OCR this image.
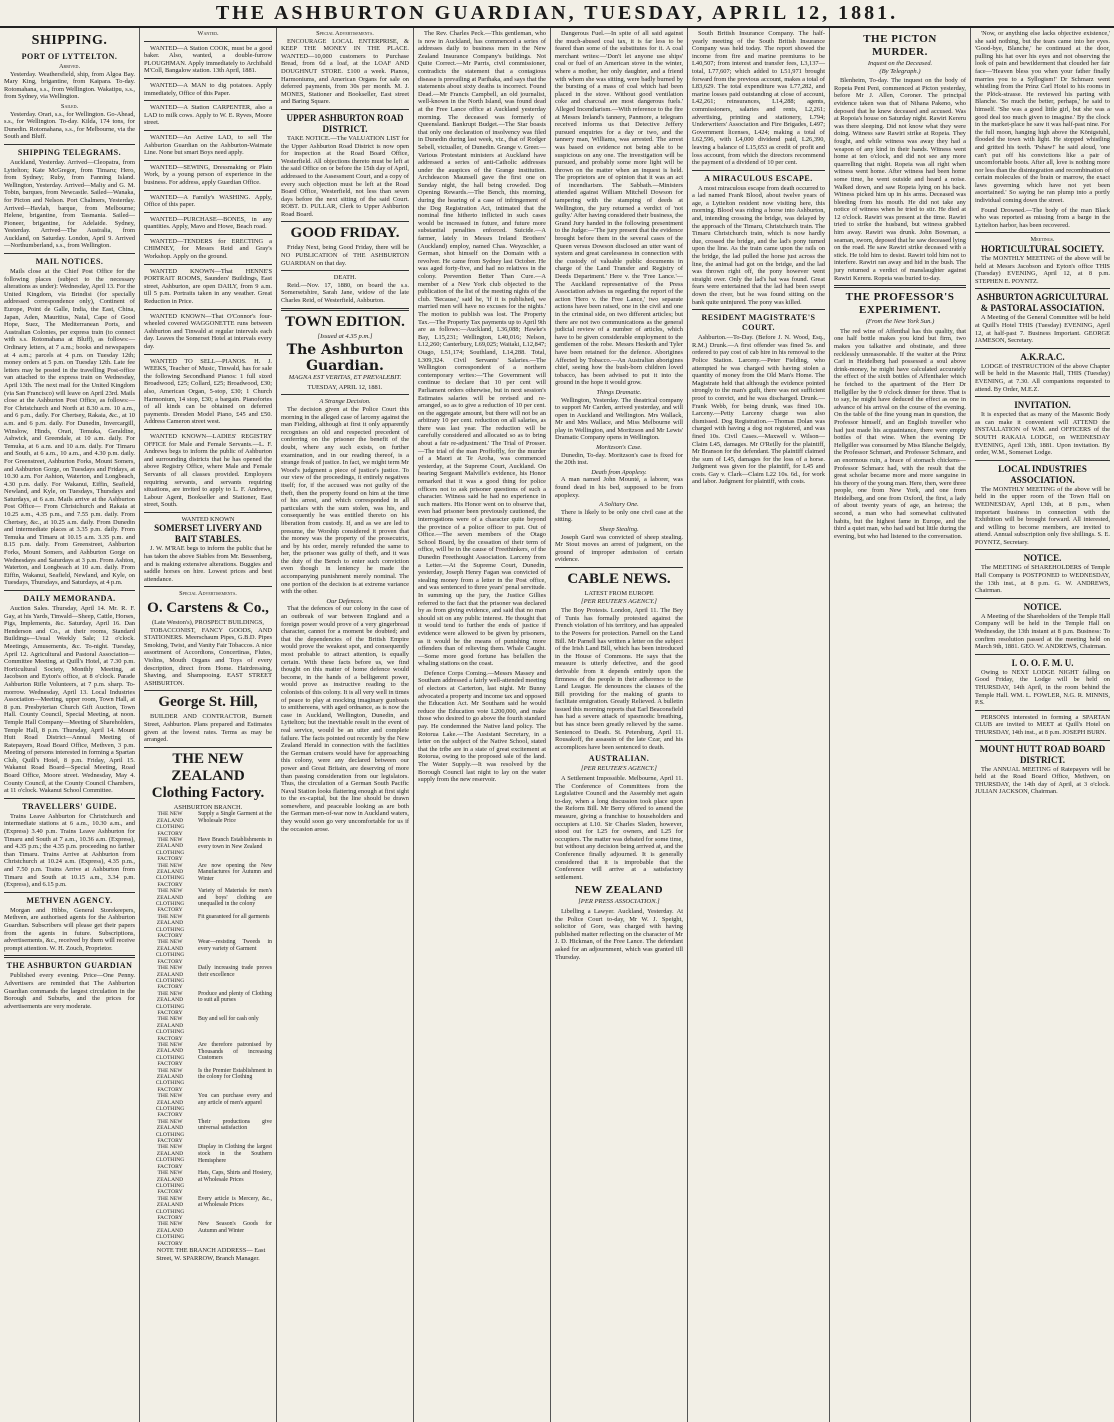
THE ASHBURTON GUARDIAN, TUESDAY, APRIL 12, 1881.
SHIPPING.
PORT OF LYTTELTON.
Arrived.

Yesterday. Weathersfield, ship, from Algoa Bay. Mary King, brigantine, from Kaipara. To-day. Rotomahana, s.s., from Wellington. Wakatipu, s.s., from Sydney, via Wellington.

Sailed.

Yesterday. Orari, s.s., for Wellington. Go-Ahead, s.s., for Wellington. To-day. Kilda, 174 tons, for Dunedin. Rotomahana, s.s., for Melbourne, via the South and Bluff.

SHIPPING TELEGRAMS.

Auckland, Yesterday. Arrived—Cleopatra, from Lyttelton; Kate McGregor, from Timaru; Hero, from Sydney; Ruby, from Fanning Island. Wellington, Yesterday. Arrived—Maliy and G. M. Tobin, barques, from Newcastle. Sailed—Wanaka, for Picton and Nelson. Port Chalmers, Yesterday. Arrived—Havlah, barque, from Melbourne; Helene, brigantine, from Tasmania. Sailed—Pioneer, brigantine, for Adelaide. Sydney, Yesterday. Arrived—The Australia, from Auckland, on Saturday. London, April 9. Arrived—Northumberland, s.s., from Wellington.

MAIL NOTICES.

Mails close at the Chief Post Office for the following places (subject to the necessary alterations as under): Wednesday, April 13. For the United Kingdom, via Brindisi (for specially addressed correspondence only), Continent of Europe, Point de Galle, India, the East, China, Japan, Aden, Mauritius, Natal, Cape of Good Hope, Suez, The Mediterranean Ports, and Australian Colonies, per express train (to connect with s.s. Rotomahana at Bluff), as follows:—Ordinary letters, at 7 a.m.; books and newspapers at 4 a.m.; parcels at 4 p.m. on Tuesday 12th; money orders at 5 p.m. on Tuesday 12th. Late fee letters may be posted in the travelling Post-office van attached to the express train on Wednesday, April 13th. The next mail for the United Kingdom (via San Francisco) will leave on April 23rd. Mails close at the Ashburton Post Office, as follows:— For Christchurch and North at 8.30 a.m. 10 a.m., and 6 p.m., daily. For Chertsey, Rakaia, &c., at 10 a.m. and 6 p.m. daily. For Dunedin, Invercargill, Winslow, Hinds, Orari, Temuka, Geraldine, Ashwick, and Greendale, at 10 a.m. daily. For Temuka, at 6 a.m. and 10 a.m. daily. For Timaru and South, at 6 a.m., 10 a.m., and 4.30 p.m. daily. For Greenstreet, Ashburton Forks, Mount Somers, and Ashburton Gorge, on Tuesdays and Fridays, at 10.30 a.m. For Ashton, Waterton, and Longbeach, 4.30 p.m. daily. For Wakanui, Eiffin, Seafield, Newland, and Kyle, on Tuesdays, Thursdays and Saturdays, at 6 a.m. Mails arrive at the Ashburton Post Office— From Christchurch and Rakaia at 10.25 a.m., 4.35 p.m., and 7.55 p.m. daily. From Chertsey, &c., at 10.25 a.m. daily. From Dunedin and intermediate places at 3.35 p.m. daily. From Temuka and Timaru at 10.15 a.m. 3.35 p.m. and 8.15 p.m. daily. From Greenstreet, Ashburton Forks, Mount Somers, and Ashburton Gorge on Wednesdays and Saturdays at 3 p.m. From Ashton, Waterton, and Longbeach at 10 a.m. daily. From Eiffin, Wakanui, Seafield, Newland, and Kyle, on Tuesdays, Thursdays, and Saturdays, at 4 p.m.

DAILY MEMORANDA.

Auction Sales. Thursday, April 14. Mr. R. F. Gay, at his Yards, Tinwald—Sheep, Cattle, Horses, Pigs, Implements, &c. Saturday, April 16. Dan Henderson and Co., at their rooms, Standard Buildings—Usual Weekly Sale; 12 o'clock. Meetings, Amusements, &c. To-night. Tuesday, April 12. Agricultural and Pastoral Association—Committee Meeting, at Quill's Hotel, at 7.30 p.m. Horticultural Society, Monthly Meeting, at Jacobson and Eyton's office, at 8 o'clock. Parade Ashburton Rifle Volunteers, at 7 p.m. sharp. To-morrow. Wednesday, April 13. Local Industries Association—Meeting, upper room, Town Hall, at 8 p.m. Presbyterian Church Gift Auction, Town Hall. County Council, Special Meeting, at noon. Temple Hall Company—Meeting of Shareholders, Temple Hall, 8 p.m. Thursday, April 14. Mount Hutt Road District—Annual Meeting of Ratepayers, Road Board Office, Methven, 3 p.m. Meeting of persons interested in forming a Spartan Club, Quill's Hotel, 8 p.m. Friday, April 15. Wakanui Road Board—Special Meeting, Road Board Office, Moore street. Wednesday, May 4. County Council, at the County Council Chambers, at 11 o'clock. Wakanui School Committee.

TRAVELLERS' GUIDE.

Trains Leave Ashburton for Christchurch and intermediate stations at 6 a.m., 10.30 a.m., and (Express) 3.40 p.m. Trains Leave Ashburton for Timaru and South at 7 a.m., 10.36 a.m. (Express), and 4.35 p.m.; the 4.35 p.m. proceeding no farther than Timaru. Trains Arrive at Ashburton from Christchurch at 10.24 a.m. (Express), 4.35 p.m., and 7.50 p.m. Trains Arrive at Ashburton from Timaru and South at 10.15 a.m., 3.34 p.m. (Express), and 6.15 p.m.

METHVEN AGENCY.

Morgan and Hibbs, General Storekeepers, Methven, are authorised agents for the Ashburton Guardian. Subscribers will please get their papers from the agents in future. Subscriptions, advertisements, &c., received by them will receive prompt attention. W. H. Zouch, Proprietor.

THE ASHBURTON GUARDIAN

Published every evening. Price—One Penny. Advertisers are reminded that The Ashburton Guardian commands the largest circulation in the Borough and Suburbs, and the prices for advertisements are very moderate.

Wanted.

WANTED—A Station COOK, must be a good baker. Also, wanted, a double-furrow PLOUGHMAN. Apply immediately to Archibald M'Coll, Bangalow station. 13th April, 1881.

WANTED—A MAN to dig potatoes. Apply immediately, Office of this Paper.

WANTED—A Station CARPENTER, also a LAD to milk cows. Apply to W. E. Ryves, Moore street.

WANTED—An Active LAD, to sell The Ashburton Guardian on the Ashburton-Waimate Line. None but smart Boys need apply.

WANTED—SEWING, Dressmaking or Plain Work, by a young person of experience in the business. For address, apply Guardian Office.

WANTED—A Family's WASHING. Apply, Office of this paper.

WANTED—PURCHASE—BONES, in any quantities. Apply, Mavo and Howe, Beach road.

WANTED—TENDERS for ERECTING a CHIMNEY, for Messrs Reid and Gray's Workshop. Apply on the ground.

WANTED KNOWN—That HENNE'S PORTRAIT ROOMS, Saunders' Buildings, East street, Ashburton, are open DAILY, from 9 a.m. till 5 p.m. Portraits taken in any weather. Great Reduction in Price.

WANTED KNOWN—That O'Connor's four-wheeled covered WAGGONETTE runs between Ashburton and Tinwald at regular intervals each day. Leaves the Somerset Hotel at intervals every day.

WANTED TO SELL—PIANOS. H. J. WEEKS, Teacher of Music, Tinwald, has for sale the following Secondhand Pianos: 1 full sized Broadwood, £25; Collard, £25; Broadwood, £30; also, American Organ, 5-stop, £30; 1 Church Harmonium, 14 stop, £30; a bargain. Pianofortes of all kinds can be obtained on deferred payments. Dresden Model Piano, £45 and £50. Address Cameron street west.

WANTED KNOWN—LADIES' REGISTRY OFFICE for Male and Female Servants.—L. F. Andrews begs to inform the public of Ashburton and surrounding districts that he has opened the above Registry Office, where Male and Female Servants of all classes provided. Employers requiring servants, and servants requiring situations, are invited to apply to L. F. Andrews, Labour Agent, Bookseller and Stationer, East street, South.

WANTED KNOWN
SOMERSET LIVERY AND BAIT STABLES.

J. W. M'RAE begs to inform the public that he has taken the above Stables from Mr. Bessenberg, and is making extensive alterations. Buggies and saddle horses on hire. Lowest prices and best attendance.

Special Advertisements.
O. Carstens & Co.,
(Late Weston's), PROSPECT BUILDINGS,

TOBACCONIST, FANCY GOODS, AND STATIONERS. Meerschaum Pipes, G.B.D. Pipes Smoking, Twist, and Vanity Fair Tobaccos. A nice assortment of Accordions, Concertinas, Flutes, Violins, Mouth Organs and Toys of every description, direct from Home. Hairdressing, Shaving, and Shampooing. EAST STREET ASHBURTON.

George St. Hill,

BUILDER AND CONTRACTOR, Burnett Street, Ashburton. Plans prepared and Estimates given at the lowest rates. Terms as may be arranged.

THE NEW ZEALAND Clothing Factory.
ASHBURTON BRANCH.
THE NEW ZEALAND CLOTHING FACTORY
Supply a Single Garment at the Wholesale Price
THE NEW ZEALAND CLOTHING FACTORY
Have Branch Establishments in every town in New Zealand
THE NEW ZEALAND CLOTHING FACTORY
Are now opening the New Manufactures for Autumn and Winter
THE NEW ZEALAND CLOTHING FACTORY
Variety of Materials for men's and boys' clothing are unequalled in the colony
THE NEW ZEALAND CLOTHING FACTORY
Fit guaranteed for all garments
THE NEW ZEALAND CLOTHING FACTORY
Wear—resisting Tweeds in every variety of Garment
THE NEW ZEALAND CLOTHING FACTORY
Daily increasing trade proves their excellence
THE NEW ZEALAND CLOTHING FACTORY
Produce and plenty of Clothing to suit all purses
THE NEW ZEALAND CLOTHING FACTORY
Buy and sell for cash only
THE NEW ZEALAND CLOTHING FACTORY
Are therefore patronised by Thousands of increasing Customers
THE NEW ZEALAND CLOTHING FACTORY
Is the Premier Establishment in the colony for Clothing
THE NEW ZEALAND CLOTHING FACTORY
You can purchase every and any article of men's apparel
THE NEW ZEALAND CLOTHING FACTORY
Their productions give universal satisfaction
THE NEW ZEALAND CLOTHING FACTORY
Display in Clothing the largest stock in the Southern Hemisphere
THE NEW ZEALAND CLOTHING FACTORY
Hats, Caps, Shirts and Hosiery, at Wholesale Prices
THE NEW ZEALAND CLOTHING FACTORY
Every article is Mercery, &c., at Wholesale Prices
THE NEW ZEALAND CLOTHING FACTORY
New Season's Goods for Autumn and Winter

NOTE THE BRANCH ADDRESS— East Street, W. SPARROW, Branch Manager.

Special Advertisements.

ENCOURAGE LOCAL ENTERPRISE, & KEEP THE MONEY IN THE PLACE. WANTED—10,000 customers to Purchase Bread, from 6d a loaf, at the LOAF AND DOUGHNUT STORE. £100 a week. Pianos, Harmoniums, and American Organs for sale on deferred payments, from 30s per month. M. J. MONES, Stationer and Bookseller, East street and Baring Square.

UPPER ASHBURTON ROAD DISTRICT.

TAKE NOTICE.—The VALUATION LIST for the Upper Ashburton Road District is now open for inspection at the Road Board Office, Westerfield. All objections thereto must be left at the said Office on or before the 15th day of April, addressed to the Assessment Court, and a copy of every such objection must be left at the Road Board Office, Westerfield, not less than seven days before the next sitting of the said Court. ROBT. D. PULLAR, Clerk to Upper Ashburton Road Board.

GOOD FRIDAY.

Friday Next, being Good Friday, there will be NO PUBLICATION of THE ASHBURTON GUARDIAN on that day.

DEATH.

Reid.—Nov. 17, 1880, on board the s.s. Somersetshire, Sarah Jane, widow of the late Charles Reid, of Westerfield, Ashburton.

TOWN EDITION.
[Issued at 4.35 p.m.]
The Ashburton Guardian.
MAGNA EST VERITAS, ET PREVALEBIT.
TUESDAY, APRIL 12, 1881.
A Strange Decision.

The decision given at the Police Court this morning in the alleged case of larceny against the man Fielding, although at first it only apparently recognises an old and respected precedent of conferring on the prisoner the benefit of the doubt, where any such exists, on further examination, and in our reading thereof, is a strange freak of justice. In fact, we might term Mr Wood's judgment a piece of justice's justice. To our view of the proceedings, it entirely negatives itself; for, if the accused was not guilty of the theft, then the property found on him at the time of his arrest, and which corresponded in all particulars with the sum stolen, was his, and consequently he was entitled thereto on his liberation from custody. If, and as we are led to presume, the Worship considered it proven that the money was the property of the prosecutrix, and by his order, merely refunded the same to her, the prisoner was guilty of theft, and it was the duty of the Bench to enter such conviction even though in leniency he made the accompanying punishment merely nominal. The one portion of the decision is at extreme variance with the other.

Our Defences.

That the defences of our colony in the case of an outbreak of war between England and a foreign power would prove of a very gingerbread character, cannot for a moment be doubted; and that the dependencies of the British Empire would prove the weakest spot, and consequently most probable to attract attention, is equally certain. With these facts before us, we find thought on this matter of home defence would become, in the hands of a belligerent power, would prove as instructive reading to the colonists of this colony. It is all very well in times of peace to play at mocking imaginary gunboats to smithereens, with aged ordnance, as is now the case in Auckland, Wellington, Dunedin, and Lyttelton; but the inevitable result in the event of real service, would be an utter and complete failure. The facts pointed out recently by the New Zealand Herald in connection with the facilities the German cruisers would have for approaching this colony, were any declared between our power and Great Britain, are deserving of more than passing consideration from our legislators. Thus, the circulation of a German South Pacific Naval Station looks flattering enough at first sight to the ex-capital, but the line should be drawn somewhere, and peaceable looking as are both the German men-of-war now in Auckland waters, they would soon go very uncomfortable for us if the occasion arose.

The Rev. Charles Peck.—This gentleman, who is now in Auckland, has commenced a series of addresses daily to business men in the New Zealand Insurance Company's buildings. Not Quite Correct.—Mr Parris, civil commissioner, contradicts the statement that a contagious disease is prevailing at Parihaka, and says that the statements about sixty deaths is incorrect. Found Dead.—Mr Francis Campbell, an old journalist, well-known in the North Island, was found dead at the Free Lance office at Auckland yesterday morning. The deceased was formerly of Queensland. Bankrupt Budget.—The Star boasts that only one declaration of insolvency was filed in Dunedin during last week, viz., that of Rodger Sebell, victualler, of Dunedin. Grange v. Greer.—Various Protestant ministers at Auckland have addressed a series of anti-Catholic addresses under the auspices of the Grange institution. Archdeacon Maunsell gave the first one on Sunday night, the hall being crowded. Dog Opening Rewards.—The Bench, this morning, during the hearing of a case of infringement of the Dog Registration Act, intimated that the nominal fine hitherto inflicted in such cases would be increased in future, and future more substantial penalties enforced. Suicide.—A farmer, lately in Messrs Ireland Brothers' (Auckland) employ, named Chas. Weyzschler, a German, shot himself on the Domain with a revolver. He came from Sydney last October. He was aged forty-five, and had no relatives in the colony. Prevention Better Than Cure.—A member of a New York club objected to the publication of the list of the meeting nights of the club. 'Because,' said he, 'if it is published, we married men will have no excuses for the nights.' The motion to publish was lost. The Property Tax.—The Property Tax payments up to April 9th are as follows:—Auckland, L36,088; Hawke's Bay, L15,231; Wellington, L40,016; Nelson, L12,260; Canterbury, L69,025; Waitaki, L12,847; Otago, L51,174; Southland, L14,288. Total, L309,324. Civil Servants' Salaries.—The Wellington correspondent of a northern contemporary writes:—'The Government will continue to declare that 10 per cent will Parliament orders otherwise, but in next session's Estimates salaries will be revised and re-arranged, so as to give a reduction of 10 per cent. on the aggregate amount, but there will not be an arbitrary 10 per cent. reduction on all salaries, as there was last year. The reduction will be carefully considered and allocated so as to bring about a fair re-adjustment.' The Trial of Prosser.—The trial of the man Proffoffly, for the murder of a Maori at Te Aroha, was commenced yesterday, at the Supreme Court, Auckland. On hearing Sergeant Malville's evidence, his Honor remarked that it was a good thing for police officers not to ask prisoner questions of such a character. Witness said he had no experience in such matters. His Honor went on to observe that, even had prisoner been previously cautioned, the interrogations were of a character quite beyond the province of a police officer to put. Out of Office.—The seven members of the Otago School Board, by the cessation of their term of office, will be in the cause of Freethinkers, of the Dunedin Freethought Association. Larceny from a Letter.—At the Supreme Court, Dunedin, yesterday, Joseph Henry Fagan was convicted of stealing money from a letter in the Post office, and was sentenced to three years' penal servitude. In summing up the jury, the Justice Gillies referred to the fact that the prisoner was declared by as from giving evidence, and said that no man should sit on any public interest. He thought that it would tend to further the ends of justice if evidence were allowed to be given by prisoners, as it would be the means of punishing more offenders than of relieving them. Whale Caught.—Some more good fortune has befallen the whaling stations on the coast.

Defence Corps Coming.—Messrs Massey and Southam addressed a fairly well-attended meeting of electors at Carterton, last night. Mr Bunny advocated a property and income tax and opposed the Education Act. Mr Southam said he would reduce the Education vote L200,000, and make those who desired to go above the fourth standard pay. He condemned the Native land policy. The Rotorua Lake.—The Assistant Secretary, in a letter on the subject of the Native School, stated that the tribe are in a state of great excitement at Rotorua, owing to the proposed sale of the land. The Water Supply.—It was resolved by the Borough Council last night to lay on the water supply from the new reservoir.

Dangerous Fuel.—In spite of all said against the much-abused coal tax, it is far less to be feared than some of the substitutes for it. A coal merchant writes:—'Don't let anyone use ships' coal or fuel of an American stove in the winter, where a mother, her only daughter, and a friend with whom she was sitting, were badly burned by the bursting of a mass of coal which had been placed in the stove. Without good ventilation coke and charcoal are most dangerous fuels.' Alleged Incendiarism.—With reference to the fire at Messrs Ireland's tannery, Panmore, a telegram received informs us that Detective Jeffery pursued enquiries for a day or two, and the tannery man, Williams, was arrested. The arrest was based on evidence not being able to be suspicious on any one. The investigation will be pursued, and probably some more light will be thrown on the matter when an inquest is held. The proprietors are of opinion that it was an act of incendiarism. The Sabbath.—Ministers attended against William Mitchell Dowson for tampering with the stamping of deeds at Wellington, the jury returned a verdict of 'not guilty.' After having considered their business, the Grand Jury handed in the following presentment to the Judge:—'The jury present that the evidence brought before them in the several cases of the Queen versus Dowson disclosed an utter want of system and great carelessness in connection with the custody of valuable public documents in charge of the Land Transfer and Registry of Deeds Department.' Here v. the 'Free Lance.'—The Auckland representative of the Press Association advises us regarding the report of the action 'Hero v. the Free Lance,' two separate actions have been raised, one in the civil and one in the criminal side, on two different articles; but there are not two communications as the general judicial review of a number of articles, which have to be given considerable employment to the gentlemen of the robe. Messrs Hesketh and Tyler have been retained for the defence. Aborigines Affected by Tobacco.—An Australian aborigines chief, seeing how the bush-born children loved tobacco, has been advised to put it into the ground in the hope it would grow.

Things Dramatic.

Wellington, Yesterday. The theatrical company to support Mr Carden, arrived yesterday, and will open in Auckland and Wellington. Mrs Wallack, Mr and Mrs Wallace, and Miss Melbourne will play in Wellington, and Moritzson and Mr Lewis' Dramatic Company opens in Wellington.

Moritzson's Case.

Dunedin, To-day. Moritzson's case is fixed for the 20th inst.

Death from Apoplexy.

A man named John Mounté, a laborer, was found dead in his bed, supposed to be from apoplexy.

A Solitary One.

There is likely to be only one civil case at the sitting.

Sheep Stealing.

Joseph Gard was convicted of sheep stealing. Mr Stout moves an arrest of judgment, on the ground of improper admission of certain evidence.

CABLE NEWS.
LATEST FROM EUROPE
[PER REUTER'S AGENCY.]

The Boy Protests. London, April 11. The Bey of Tunis has formally protested against the French violation of his territory, and has appealed to the Powers for protection. Parnell on the Land Bill. Mr Parnell has written a letter on the subject of the Irish Land Bill, which has been introduced in the House of Commons. He says that the measure is utterly defective, and the good derivable from it depends entirely upon the firmness of the people in their adherence to the Land League. He denounces the clauses of the Bill providing for the making of grants to facilitate emigration. Greatly Relieved. A bulletin issued this morning reports that Earl Beaconsfield has had a severe attack of spasmodic breathing, but has since been greatly relieved by the same. Sentenced to Death. St. Petersburg, April 11. Rousakoff, the assassin of the late Czar, and his accomplices have been sentenced to death.

AUSTRALIAN.
[PER REUTER'S AGENCY.]

A Settlement Impossible. Melbourne, April 11. The Conference of Committees from the Legislative Council and the Assembly met again to-day, when a long discussion took place upon the Reform Bill. Mr Berry offered to amend the measure, giving a franchise to householders and occupiers at L10. Sir Charles Sladen, however, stood out for L25 for owners, and L25 for occupiers. The matter was debated for some time, but without any decision being arrived at, and the Conference finally adjourned. It is generally considered that it is improbable that the Conference will arrive at a satisfactory settlement.

NEW ZEALAND
[PER PRESS ASSOCIATION.]

Libelling a Lawyer. Auckland, Yesterday. At the Police Court to-day, Mr W. J. Speight, solicitor of Gore, was charged with having published matter reflecting on the character of Mr J. D. Hickman, of the Free Lance. The defendant asked for an adjournment, which was granted till Thursday.

South British Insurance Company. The half-yearly meeting of the South British Insurance Company was held today. The report showed the income from fire and marine premiums to be L40,507; from interest and transfer fees, L3,137—total, L77,607; which added to L51,971 brought forward from the previous account, makes a total of L83,629. The total expenditure was L77,282, and marine losses paid outstanding at close of account, L42,261; reinsurances, L14,288; agents, commissioners, salaries and rents, L2,261; advertising, printing and stationery, L794; Underwriters' Association and Fire Brigades, L497; Government licenses, L424; making a total of L62,596, with L4,000 dividend paid, L26,390, leaving a balance of L15,653 as credit of profit and loss account, from which the directors recommend the payment of a dividend of 10 per cent.

A MIRACULOUS ESCAPE.

A most miraculous escape from death occurred to a lad named Frank Blood, about twelve years of age, a Lyttelton resident now visiting here, this morning. Blood was riding a horse into Ashburton, and, intending crossing the bridge, was delayed by the approach of the Timaru, Christchurch train. The Timaru Christchurch train, which is now hardly due, crossed the bridge, and the lad's pony turned upon the line. As the train came upon the rails on the bridge, the lad pulled the horse just across the line, the animal had got on the bridge, and the lad was thrown right off, the pony however went straight over. Only the lad's hat was found. Great fears were entertained that the lad had been swept down the river, but he was found sitting on the bank quite uninjured. The pony was killed.

RESIDENT MAGISTRATE'S COURT.

Ashburton.—To-Day. (Before J. N. Wood, Esq., R.M.) Drunk.—A first offender was fined 5s. and ordered to pay cost of cab hire in his removal to the Police Station. Larceny.—Peter Fielding, who attempted he was charged with having stolen a quantity of money from the Old Man's Home. The Magistrate held that although the evidence pointed strongly to the man's guilt, there was not sufficient proof to convict, and he was discharged. Drunk.—Frank Webb, for being drunk, was fined 10s. Larceny.—Petty Larceny charge was also dismissed. Dog Registration.—Thomas Dolan was charged with having a dog not registered, and was fined 10s. Civil Cases.—Maxwell v. Wilson—Claim L45, damages. Mr O'Reilly for the plaintiff, Mr Branson for the defendant. The plaintiff claimed the sum of L45, damages for the loss of a horse. Judgment was given for the plaintiff, for L45 and costs. Gay v. Clark—Claim L22 10s. 6d., for work and labor. Judgment for plaintiff, with costs.

THE PICTON MURDER.
Inquest on the Deceased.
(By Telegraph.)

Blenheim, To-day. The inquest on the body of Ropeia Peni Peni, commenced at Picton yesterday, before Mr J. Allen, Coroner. The principal evidence taken was that of Nihana Pakeno, who deposed that he knew deceased and accused. Was at Ropoia's house on Saturday night. Rawiri Kereru was there sleeping. Did not know what they were doing. Witness saw Rawiri strike at Ropeia. They fought, and while witness was away they had a weapon of any kind in their hands. Witness went home at ten o'clock, and did not see any more quarrelling that night. Ropeia was all right when witness went home. After witness had been home some time, he went outside and heard a noise. Walked down, and saw Ropeia lying on his back. Witness picked him up in his arms. Deceased was bleeding from his mouth. He did not take any notice of witness when he tried to stir. He died at 12 o'clock. Rawiri was present at the time. Rawiri tried to strike the husband, but witness grabbed him away. Rawiri was drunk. John Bowman, a seaman, sworn, deposed that he saw deceased lying on the road. He saw Rawiri strike deceased with a stick. He told him to desist. Rawiri told him not to interfere. Rawiri ran away and hid in the bush. The jury returned a verdict of manslaughter against Rawiri Kereru. Ropeia was buried to-day.

THE PROFESSOR'S EXPERIMENT.
(From the New York Sun.)

The red wine of Affenthal has this quality, that one half bottle makes you kind but firm, two makes you talkative and obstinate, and three recklessly unreasonable. If the waiter at the Prinz Carl in Heidelberg had possessed a soul above drink-money, he might have calculated accurately the effect of the sixth bottles of Affenthaler which he fetched to the apartment of the Herr Dr Hellgiller by the 9 o'clock dinner for three. That is to say, he might have deduced the effect as one in advance of his arrival on the course of the evening. On the table of the fine young man in question, the Professor himself, and an English traveller who had just made his acquaintance, there were empty bottles of that wine. When the evening Dr Hellgiller was consumed by Miss Blanche Belgidy, the Professor Schmart, and Professor Schmarz, and an enormous ruin, a brace of stomach chickens—Professor Schmarz had, with the result that the great scholar became more and more sanguine in his theory of the young man. Here, then, were three people, one from New York, and one from Heidelberg, and one from Oxford, the first, a lady of about twenty years of age, an heiress; the second, a man who had somewhat cultivated habits, but the highest fame in Europe, and the third a quiet man, who had said but little during the evening, but who had listened to the conversation.

'Now, or anything else lacks objective existence,' she said nothing, but the tears came into her eyes. 'Good-bye, Blanche,' he continued at the door, pulling his hat over his eyes and not observing the look of pain and bewilderment that clouded her fair face—'Heaven bless you when your father finally marries you to a Syllogism!' Dr Schmarz went whistling from the Prinz Carl Hotel to his rooms in the Plöck-strasse. He reviewed his parting with Blanche. 'So much the better, perhaps,' he said to himself. 'She was a good little girl, but she was a good deal too much given to imagine.' By the clock in the market-place he saw it was half-past nine. For the full moon, hanging high above the Königstuhl, flooded the town with light. He stopped whistling and gritted his teeth. 'Pshaw!' he said aloud, 'one can't put off his convictions like a pair of uncomfortable boots. After all, love is nothing more nor less than the disintegration and recombination of certain molecules of the brain or marrow, the exact laws governing which have not yet been ascertained.' So saying he ran plump into a portly individual coming down the street.

Found Drowned.—The body of the man Black who was reported as missing from a barge in the Lyttelton harbor, has been recovered.

Meetings.
HORTICULTURAL SOCIETY.

The MONTHLY MEETING of the above will be held at Messrs Jacobson and Eyton's office THIS (Tuesday) EVENING, April 12, at 8 p.m. STEPHEN E. POYNTZ.

ASHBURTON AGRICULTURAL & PASTORAL ASSOCIATION.

A Meeting of the General Committee will be held at Quill's Hotel THIS (Tuesday) EVENING, April 12, at half-past 7. Business Important. GEORGE JAMESON, Secretary.

A.K.R.A.C.

LODGE of INSTRUCTION of the above Chapter will be held in the Masonic Hall, THIS (Tuesday) EVENING, at 7.30. All companions requested to attend. By Order, M.E.Z.

INVITATION.

It is expected that as many of the Masonic Body as can make it convenient will ATTEND the INSTALLATION of W.M. and OFFICERS of the SOUTH RAKAIA LODGE, on WEDNESDAY EVENING, April 13th, 1881. Upon invitation. By order, W.M., Somerset Lodge.

LOCAL INDUSTRIES ASSOCIATION.

The MONTHLY MEETING of the above will be held in the upper room of the Town Hall on WEDNESDAY, April 13th, at 8 p.m., when important business in connection with the Exhibition will be brought forward. All interested, and willing to become members, are invited to attend. Annual subscription only five shillings. S. E. POYNTZ, Secretary.

NOTICE.

The MEETING of SHAREHOLDERS of Temple Hall Company is POSTPONED to WEDNESDAY, the 13th inst., at 8 p.m. G. W. ANDREWS, Chairman.

NOTICE.

A Meeting of the Shareholders of the Temple Hall Company will be held in the Temple Hall on Wednesday, the 13th instant at 8 p.m. Business: To confirm resolution passed at the meeting held on March 9th, 1881. GEO. W. ANDREWS, Chairman.

I. O. O. F. M. U.

Owing to NEXT LODGE NIGHT falling on Good Friday, the Lodge will be held on THURSDAY, 14th April, in the room behind the Temple Hall. WM. L. FOWLER, N.G. R. MINNIS, P.S.

PERSONS interested in forming a SPARTAN CLUB are invited to MEET at Quill's Hotel on THURSDAY, 14th inst., at 8 p.m. JOSEPH BURN.

MOUNT HUTT ROAD BOARD DISTRICT.

The ANNUAL MEETING of Ratepayers will be held at the Road Board Office, Methven, on THURSDAY, the 14th day of April, at 3 o'clock. JULIAN JACKSON, Chairman.
